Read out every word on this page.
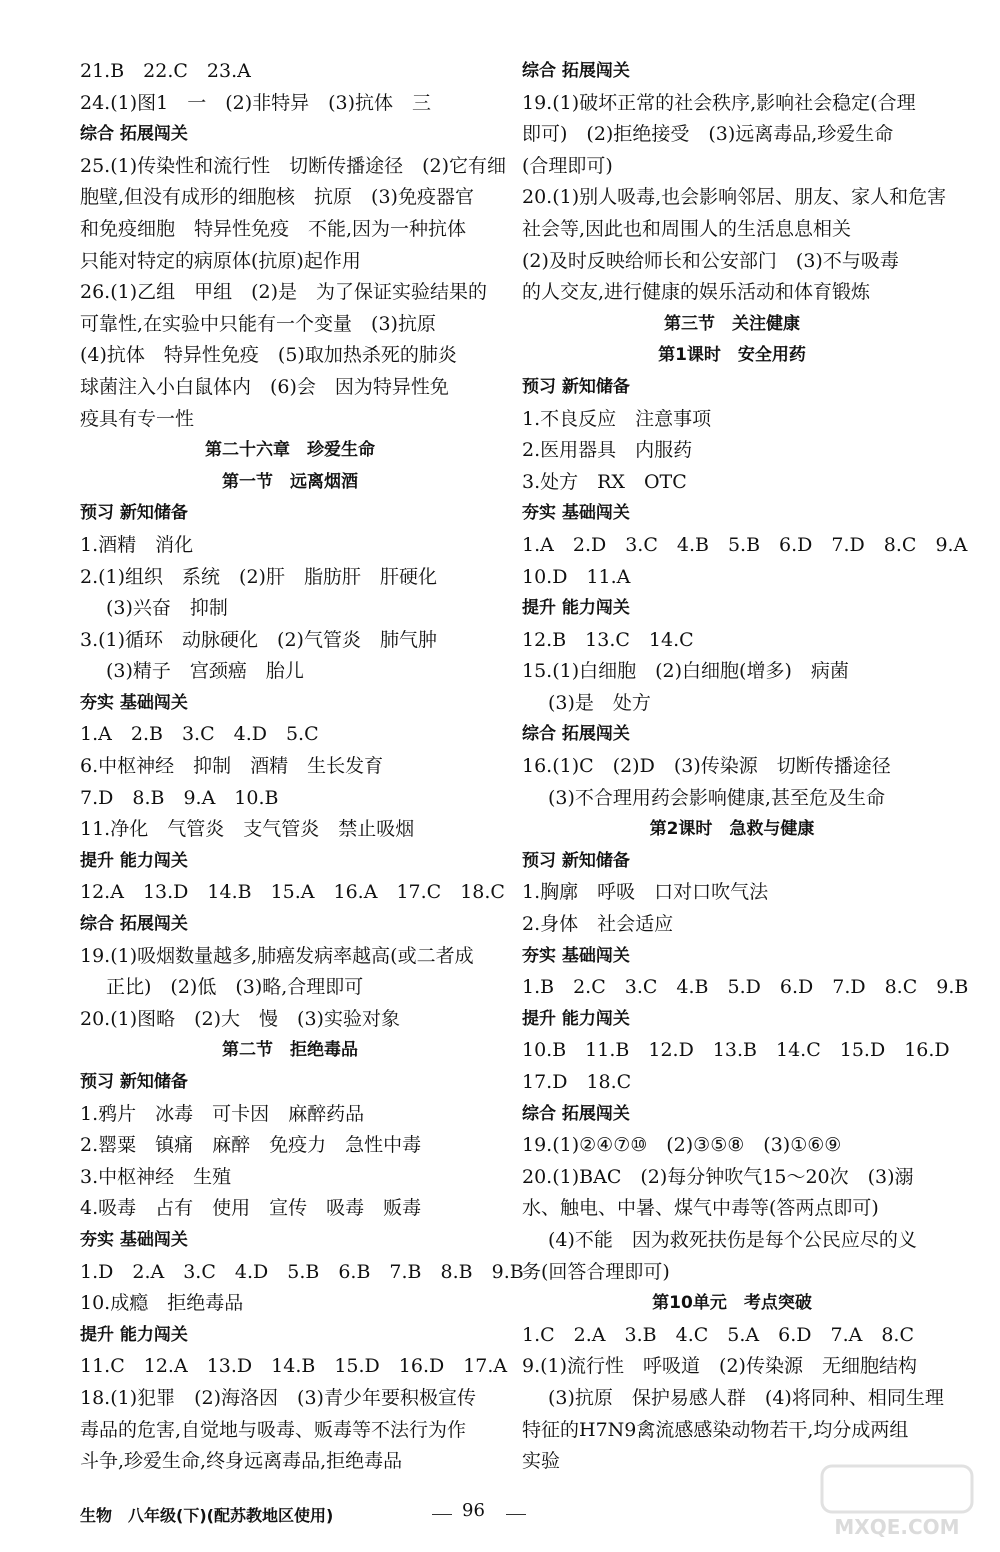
21.B　22.C　23.A
24.(1)图1　一　(2)非特异　(3)抗体　三
综合 拓展闯关
25.(1)传染性和流行性　切断传播途径　(2)它有细
胞壁,但没有成形的细胞核　抗原　(3)免疫器官
和免疫细胞　特异性免疫　不能,因为一种抗体
只能对特定的病原体(抗原)起作用
26.(1)乙组　甲组　(2)是　为了保证实验结果的
可靠性,在实验中只能有一个变量　(3)抗原
(4)抗体　特异性免疫　(5)取加热杀死的肺炎
球菌注入小白鼠体内　(6)会　因为特异性免
疫具有专一性
第二十六章　珍爱生命
第一节　远离烟酒
预习 新知储备
1.酒精　消化
2.(1)组织　系统　(2)肝　脂肪肝　肝硬化
(3)兴奋　抑制
3.(1)循环　动脉硬化　(2)气管炎　肺气肿
(3)精子　宫颈癌　胎儿
夯实 基础闯关
1.A　2.B　3.C　4.D　5.C
6.中枢神经　抑制　酒精　生长发育
7.D　8.B　9.A　10.B
11.净化　气管炎　支气管炎　禁止吸烟
提升 能力闯关
12.A　13.D　14.B　15.A　16.A　17.C　18.C
综合 拓展闯关
19.(1)吸烟数量越多,肺癌发病率越高(或二者成
正比)　(2)低　(3)略,合理即可
20.(1)图略　(2)大　慢　(3)实验对象
第二节　拒绝毒品
预习 新知储备
1.鸦片　冰毒　可卡因　麻醉药品
2.罂粟　镇痛　麻醉　免疫力　急性中毒
3.中枢神经　生殖
4.吸毒　占有　使用　宣传　吸毒　贩毒
夯实 基础闯关
1.D　2.A　3.C　4.D　5.B　6.B　7.B　8.B　9.B
10.成瘾　拒绝毒品
提升 能力闯关
11.C　12.A　13.D　14.B　15.D　16.D　17.A
18.(1)犯罪　(2)海洛因　(3)青少年要积极宣传
毒品的危害,自觉地与吸毒、贩毒等不法行为作
斗争,珍爱生命,终身远离毒品,拒绝毒品
综合 拓展闯关
19.(1)破坏正常的社会秩序,影响社会稳定(合理
即可)　(2)拒绝接受　(3)远离毒品,珍爱生命
(合理即可)
20.(1)别人吸毒,也会影响邻居、朋友、家人和危害
社会等,因此也和周围人的生活息息相关
(2)及时反映给师长和公安部门　(3)不与吸毒
的人交友,进行健康的娱乐活动和体育锻炼
第三节　关注健康
第1课时　安全用药
预习 新知储备
1.不良反应　注意事项
2.医用器具　内服药
3.处方　RX　OTC
夯实 基础闯关
1.A　2.D　3.C　4.B　5.B　6.D　7.D　8.C　9.A
10.D　11.A
提升 能力闯关
12.B　13.C　14.C
15.(1)白细胞　(2)白细胞(增多)　病菌
(3)是　处方
综合 拓展闯关
16.(1)C　(2)D　(3)传染源　切断传播途径
(3)不合理用药会影响健康,甚至危及生命
第2课时　急救与健康
预习 新知储备
1.胸廓　呼吸　口对口吹气法
2.身体　社会适应
夯实 基础闯关
1.B　2.C　3.C　4.B　5.D　6.D　7.D　8.C　9.B
提升 能力闯关
10.B　11.B　12.D　13.B　14.C　15.D　16.D
17.D　18.C
综合 拓展闯关
19.(1)②④⑦⑩　(2)③⑤⑧　(3)①⑥⑨
20.(1)BAC　(2)每分钟吹气15～20次　(3)溺
水、触电、中暑、煤气中毒等(答两点即可)
(4)不能　因为救死扶伤是每个公民应尽的义
务(回答合理即可)
第10单元　考点突破
1.C　2.A　3.B　4.C　5.A　6.D　7.A　8.C
9.(1)流行性　呼吸道　(2)传染源　无细胞结构
(3)抗原　保护易感人群　(4)将同种、相同生理
特征的H7N9禽流感感染动物若干,均分成两组
实验
生物　八年级(下)(配苏教地区使用)	96
MXQE.COM
